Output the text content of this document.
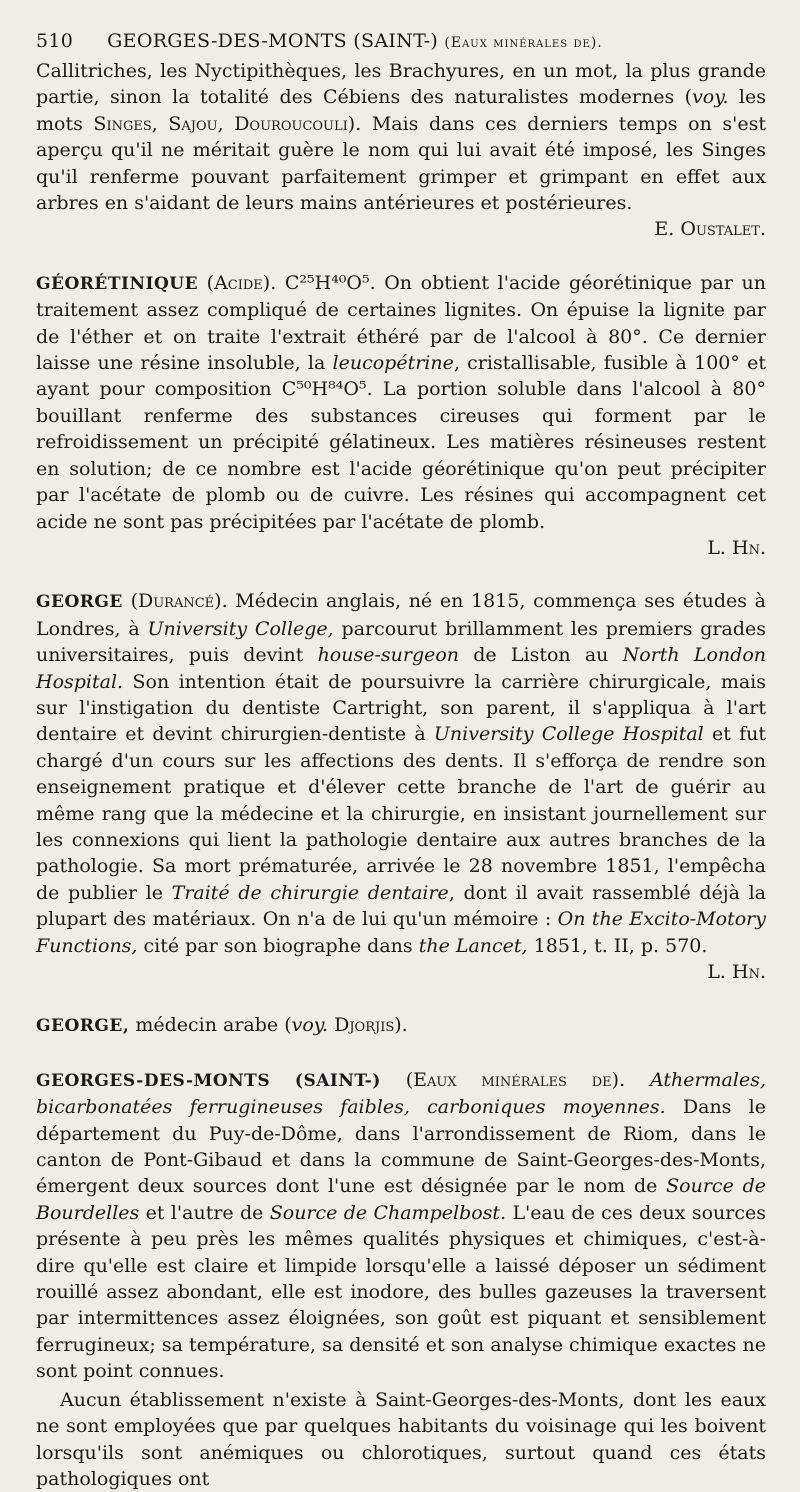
510 GEORGES-DES-MONTS (SAINT-) (Eaux minérales de).

Callitriches, les Nyctipithèques, les Brachyures, en un mot, la plus grande partie, sinon la totalité des Cébiens des naturalistes modernes (voy. les mots Singes, Sajou, Douroucouli). Mais dans ces derniers temps on s'est aperçu qu'il ne méritait guère le nom qui lui avait été imposé, les Singes qu'il renferme pouvant parfaitement grimper et grimpant en effet aux arbres en s'aidant de leurs mains antérieures et postérieures.
E. Oustalet.

GÉORÉTINIQUE (Acide). C²⁵H⁴⁰O⁵. On obtient l'acide géorétinique par un traitement assez compliqué de certaines lignites. On épuise la lignite par de l'éther et on traite l'extrait éthéré par de l'alcool à 80°. Ce dernier laisse une résine insoluble, la leucopétrine, cristallisable, fusible à 100° et ayant pour composition C⁵⁰H⁸⁴O⁵. La portion soluble dans l'alcool à 80° bouillant renferme des substances cireuses qui forment par le refroidissement un précipité gélatineux. Les matières résineuses restent en solution; de ce nombre est l'acide géorétinique qu'on peut précipiter par l'acétate de plomb ou de cuivre. Les résines qui accompagnent cet acide ne sont pas précipitées par l'acétate de plomb.
L. Hn.

GEORGE (Durancé). Médecin anglais, né en 1815, commença ses études à Londres, à University College, parcourut brillamment les premiers grades universitaires, puis devint house-surgeon de Liston au North London Hospital. Son intention était de poursuivre la carrière chirurgicale, mais sur l'instigation du dentiste Cartright, son parent, il s'appliqua à l'art dentaire et devint chirurgien-dentiste à University College Hospital et fut chargé d'un cours sur les affections des dents. Il s'efforça de rendre son enseignement pratique et d'élever cette branche de l'art de guérir au même rang que la médecine et la chirurgie, en insistant journellement sur les connexions qui lient la pathologie dentaire aux autres branches de la pathologie. Sa mort prématurée, arrivée le 28 novembre 1851, l'empêcha de publier le Traité de chirurgie dentaire, dont il avait rassemblé déjà la plupart des matériaux. On n'a de lui qu'un mémoire : On the Excito-Motory Functions, cité par son biographe dans the Lancet, 1851, t. II, p. 570.
L. Hn.

GEORGE, médecin arabe (voy. Djorjis).

GEORGES-DES-MONTS (SAINT-) (Eaux minérales de). Athermales, bicarbonatées ferrugineuses faibles, carboniques moyennes. Dans le département du Puy-de-Dôme, dans l'arrondissement de Riom, dans le canton de Pont-Gibaud et dans la commune de Saint-Georges-des-Monts, émergent deux sources dont l'une est désignée par le nom de Source de Bourdelles et l'autre de Source de Champelbost. L'eau de ces deux sources présente à peu près les mêmes qualités physiques et chimiques, c'est-à-dire qu'elle est claire et limpide lorsqu'elle a laissé déposer un sédiment rouillé assez abondant, elle est inodore, des bulles gazeuses la traversent par intermittences assez éloignées, son goût est piquant et sensiblement ferrugineux; sa température, sa densité et son analyse chimique exactes ne sont point connues.

Aucun établissement n'existe à Saint-Georges-des-Monts, dont les eaux ne sont employées que par quelques habitants du voisinage qui les boivent lorsqu'ils sont anémiques ou chlorotiques, surtout quand ces états pathologiques ont
